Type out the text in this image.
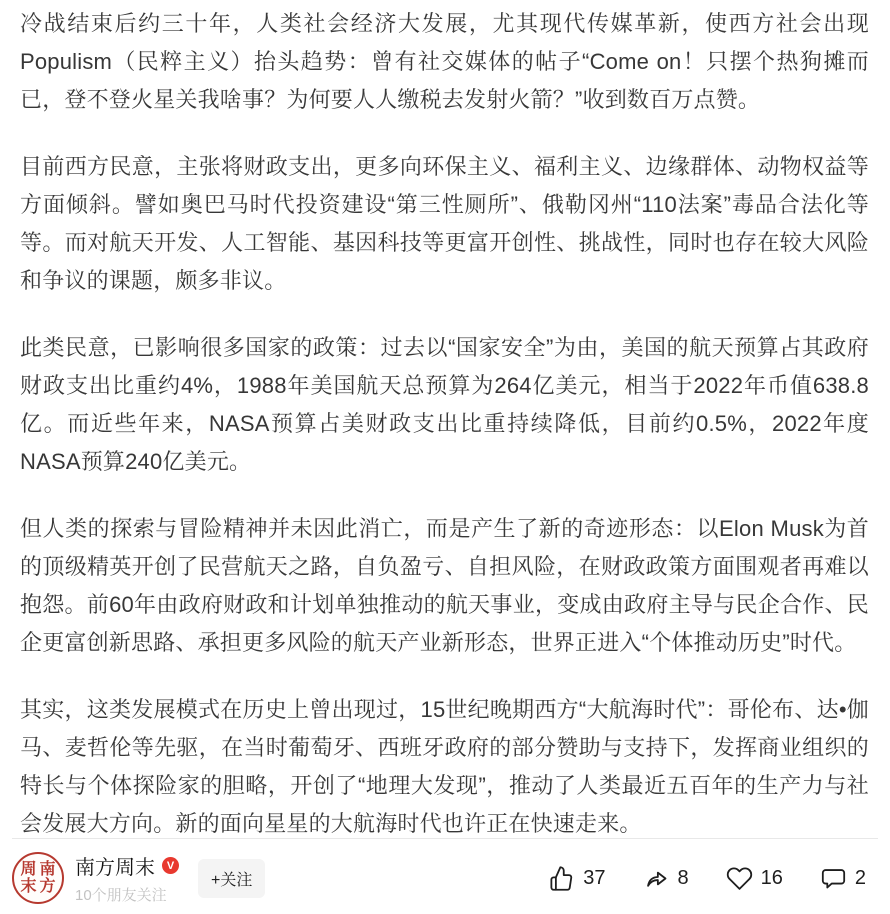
冷战结束后约三十年，人类社会经济大发展，尤其现代传媒革新，使西方社会出现Populism（民粹主义）抬头趋势：曾有社交媒体的帖子“Come on！只摆个热狗摊而已，登不登火星关我啥事？为何要人人缴税去发射火箭？”收到数百万点赞。

目前西方民意，主张将财政支出，更多向环保主义、福利主义、边缘群体、动物权益等方面倾斜。譬如奥巴马时代投资建设“第三性厕所”、俄勒冈州“110法案”毒品合法化等等。而对航天开发、人工智能、基因科技等更富开创性、挑战性，同时也存在较大风险和争议的课题，颇多非议。

此类民意，已影响很多国家的政策：过去以“国家安全”为由，美国的航天预算占其政府财政支出比重约4%，1988年美国航天总预算为264亿美元，相当于2022年币值638.8亿。而近些年来，NASA预算占美财政支出比重持续降低，目前约0.5%，2022年度NASA预算240亿美元。

但人类的探索与冒险精神并未因此消亡，而是产生了新的奇迹形态：以Elon Musk为首的顶级精英开创了民营航天之路，自负盈亏、自担风险，在财政政策方面围观者再难以抱怨。前60年由政府财政和计划单独推动的航天事业，变成由政府主导与民企合作、民企更富创新思路、承担更多风险的航天产业新形态，世界正进入“个体推动历史”时代。

其实，这类发展模式在历史上曾出现过，15世纪晚期西方“大航海时代”：哥伦布、达•伽马、麦哲伦等先驱，在当时葡萄牙、西班牙政府的部分赞助与支持下，发挥商业组织的特长与个体探险家的胆略，开创了“地理大发现”，推动了人类最近五百年的生产力与社会发展大方向。新的面向星星的大航海时代也许正在快速走来。

周 南
末 方
南方周末	V
10个朋友关注
+关注	37	8	16	2
